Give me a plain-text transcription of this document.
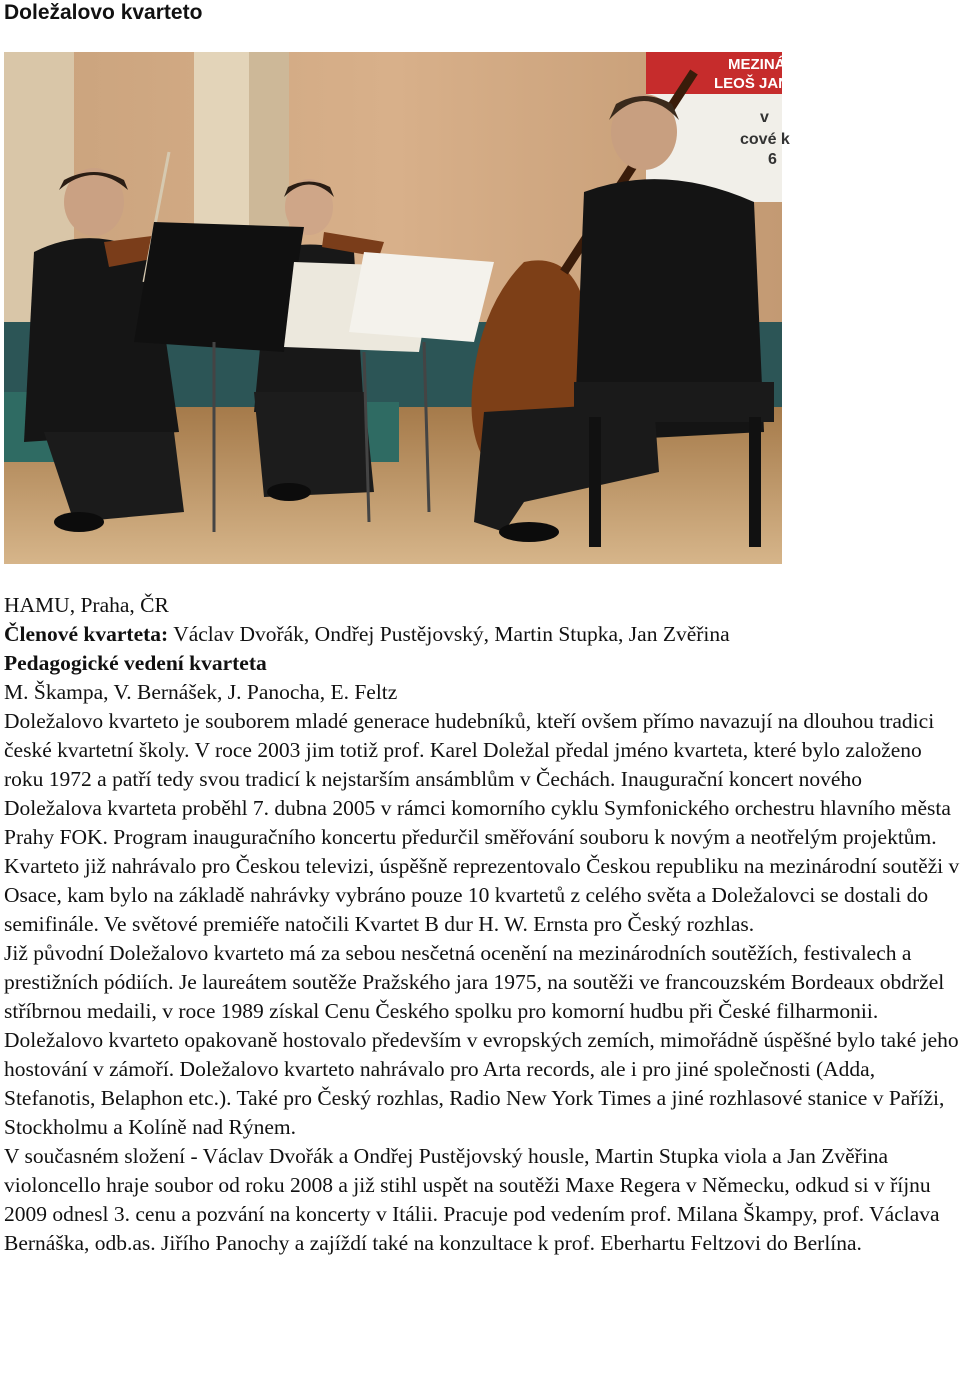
Doležalovo kvarteto
MEZINÁ
LEOŠ JANÁČ
v
cové k
6

HAMU, Praha, ČR

Členové kvarteta: Václav Dvořák, Ondřej Pustějovský, Martin Stupka, Jan Zvěřina

Pedagogické vedení kvarteta

M. Škampa, V. Bernášek, J. Panocha, E. Feltz

Doležalovo kvarteto je souborem mladé generace hudebníků, kteří ovšem přímo navazují na dlouhou tradici české kvartetní školy. V roce 2003 jim totiž prof. Karel Doležal předal jméno kvarteta, které bylo založeno roku 1972 a patří tedy svou tradicí k nejstarším ansámblům v Čechách. Inaugurační koncert nového Doležalova kvarteta proběhl 7. dubna 2005 v rámci komorního cyklu Symfonického orchestru hlavního města Prahy FOK. Program inauguračního koncertu předurčil směřování souboru k novým a neotřelým projektům. Kvarteto již nahrávalo pro Českou televizi, úspěšně reprezentovalo Českou republiku na mezinárodní soutěži v Osace, kam bylo na základě nahrávky vybráno pouze 10 kvartetů z celého světa a Doležalovci se dostali do semifinále. Ve světové premiéře natočili Kvartet B dur H. W. Ernsta pro Český rozhlas.

Již původní Doležalovo kvarteto má za sebou nesčetná ocenění na mezinárodních soutěžích, festivalech a prestižních pódiích. Je laureátem soutěže Pražského jara 1975, na soutěži ve francouzském Bordeaux obdržel stříbrnou medaili, v roce 1989 získal Cenu Českého spolku pro komorní hudbu při České filharmonii. Doležalovo kvarteto opakovaně hostovalo především v evropských zemích, mimořádně úspěšné bylo také jeho hostování v zámoří. Doležalovo kvarteto nahrávalo pro Arta records, ale i pro jiné společnosti (Adda, Stefanotis, Belaphon etc.). Také pro Český rozhlas, Radio New York Times a jiné rozhlasové stanice v Paříži, Stockholmu a Kolíně nad Rýnem.

V současném složení - Václav Dvořák a Ondřej Pustějovský housle, Martin Stupka viola a Jan Zvěřina violoncello hraje soubor od roku 2008 a již stihl uspět na soutěži Maxe Regera v Německu, odkud si v říjnu 2009 odnesl 3. cenu a pozvání na koncerty v Itálii. Pracuje pod vedením prof. Milana Škampy, prof. Václava Bernáška, odb.as. Jiřího Panochy a zajíždí také na konzultace k prof. Eberhartu Feltzovi do Berlína.
